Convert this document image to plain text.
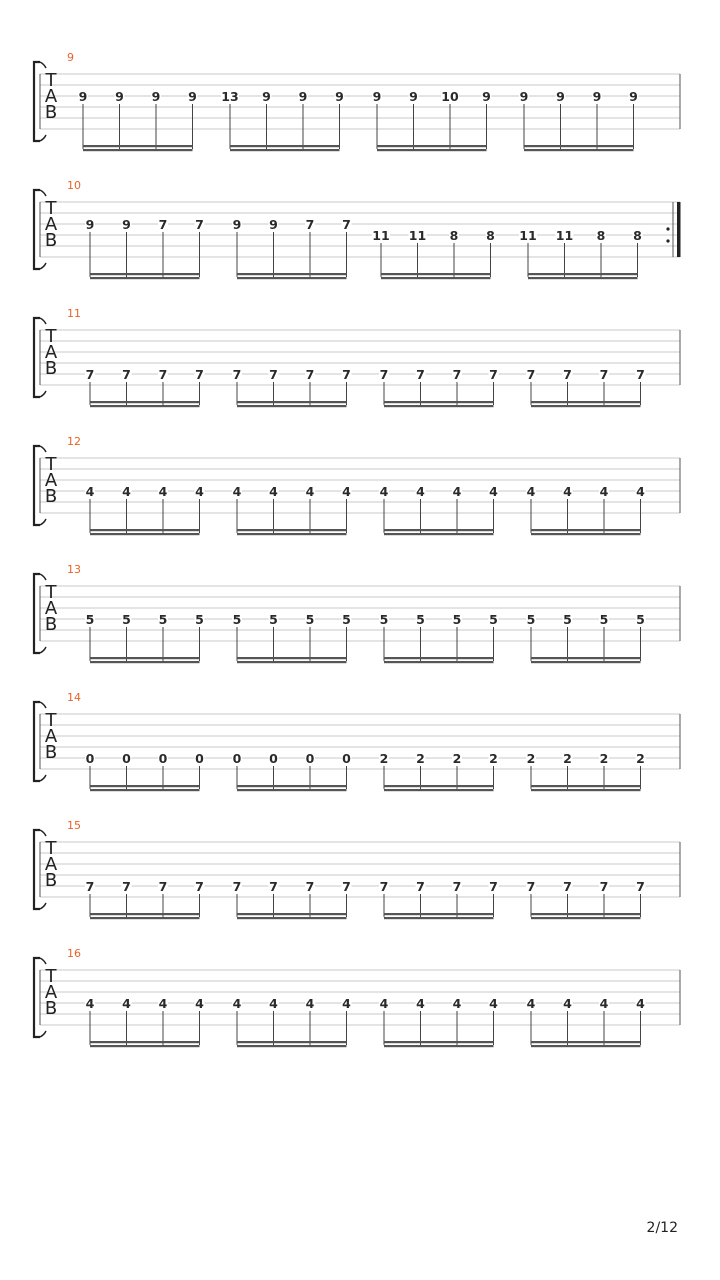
9
T
A
B
9 9 9 9 13 9 9 9 9 9 10 9 9 9 9 9
10
T
A
B
9 9 7 7 9 9 7 7
11 11 8 8 11 11 8 8
11
T
A
B 7 7 7 7 7 7 7 7 7 7 7 7 7 7 7 7
12
T
A
B 4 4 4 4 4 4 4 4 4 4 4 4 4 4 4 4
13
T
A
B 5 5 5 5 5 5 5 5 5 5 5 5 5 5 5 5
14
T
A
B 0 0 0 0 0 0 0 0 2 2 2 2 2 2 2 2
15
T
A
B 7 7 7 7 7 7 7 7 7 7 7 7 7 7 7 7
16
T
A
B 4 4 4 4 4 4 4 4 4 4 4 4 4 4 4 4
2/12
